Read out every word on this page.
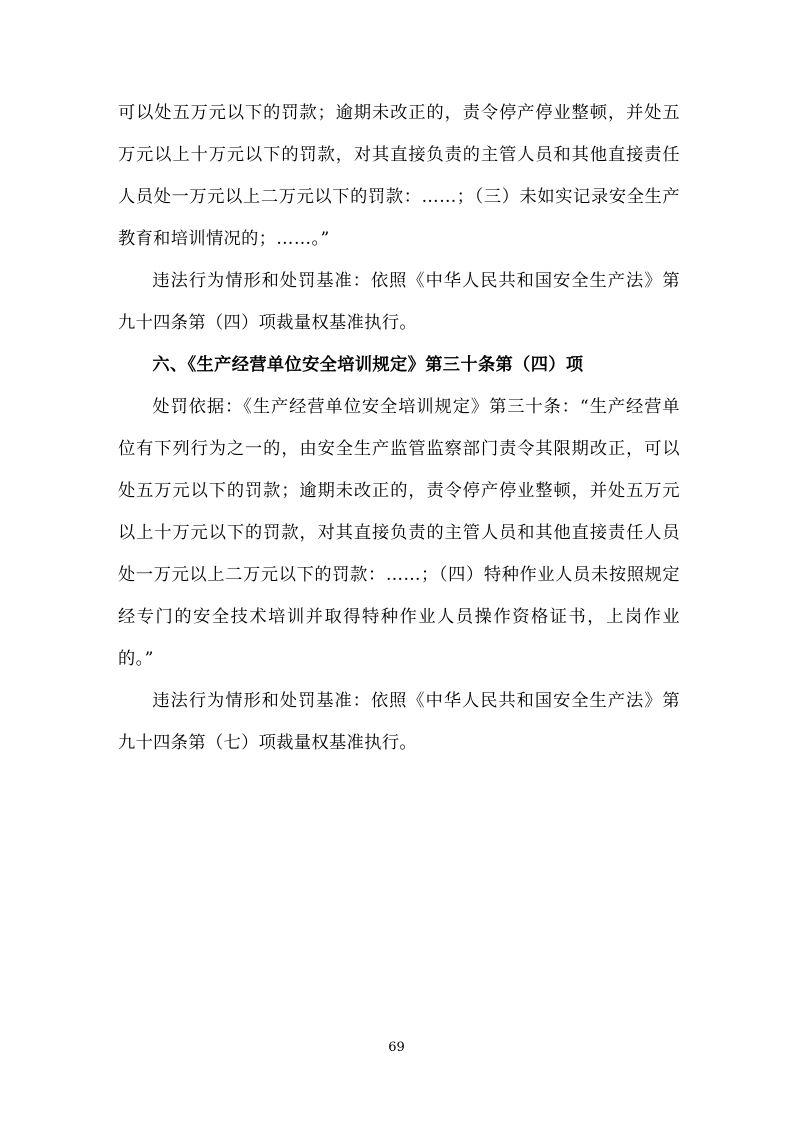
可以处五万元以下的罚款；逾期未改正的，责令停产停业整顿，并处五万元以上十万元以下的罚款，对其直接负责的主管人员和其他直接责任人员处一万元以上二万元以下的罚款：……；（三）未如实记录安全生产教育和培训情况的；……。”

违法行为情形和处罚基准：依照《中华人民共和国安全生产法》第九十四条第（四）项裁量权基准执行。

六、《生产经营单位安全培训规定》第三十条第（四）项

处罚依据：《生产经营单位安全培训规定》第三十条：“生产经营单位有下列行为之一的，由安全生产监管监察部门责令其限期改正，可以处五万元以下的罚款；逾期未改正的，责令停产停业整顿，并处五万元以上十万元以下的罚款，对其直接负责的主管人员和其他直接责任人员处一万元以上二万元以下的罚款：……；（四）特种作业人员未按照规定经专门的安全技术培训并取得特种作业人员操作资格证书，上岗作业的。”

违法行为情形和处罚基准：依照《中华人民共和国安全生产法》第九十四条第（七）项裁量权基准执行。

69
